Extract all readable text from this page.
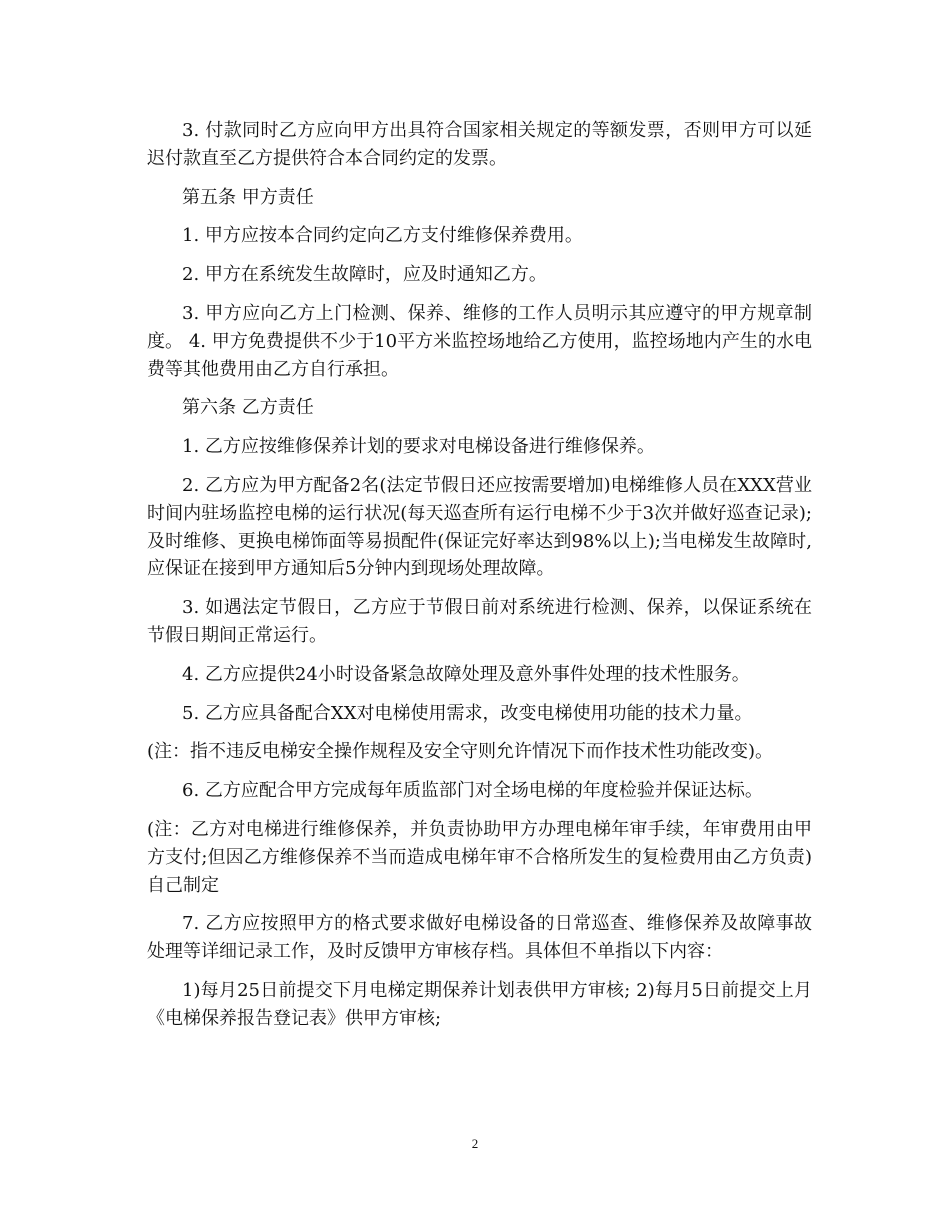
3. 付款同时乙方应向甲方出具符合国家相关规定的等额发票，否则甲方可以延迟付款直至乙方提供符合本合同约定的发票。

第五条 甲方责任

1. 甲方应按本合同约定向乙方支付维修保养费用。

2. 甲方在系统发生故障时，应及时通知乙方。

3. 甲方应向乙方上门检测、保养、维修的工作人员明示其应遵守的甲方规章制度。 4. 甲方免费提供不少于10平方米监控场地给乙方使用，监控场地内产生的水电费等其他费用由乙方自行承担。

第六条 乙方责任

1. 乙方应按维修保养计划的要求对电梯设备进行维修保养。

2. 乙方应为甲方配备2名(法定节假日还应按需要增加)电梯维修人员在XXX营业时间内驻场监控电梯的运行状况(每天巡查所有运行电梯不少于3次并做好巡查记录);及时维修、更换电梯饰面等易损配件(保证完好率达到98%以上);当电梯发生故障时,应保证在接到甲方通知后5分钟内到现场处理故障。

3. 如遇法定节假日，乙方应于节假日前对系统进行检测、保养，以保证系统在节假日期间正常运行。

4. 乙方应提供24小时设备紧急故障处理及意外事件处理的技术性服务。

5. 乙方应具备配合XX对电梯使用需求，改变电梯使用功能的技术力量。

(注：指不违反电梯安全操作规程及安全守则允许情况下而作技术性功能改变)。

6. 乙方应配合甲方完成每年质监部门对全场电梯的年度检验并保证达标。

(注：乙方对电梯进行维修保养，并负责协助甲方办理电梯年审手续，年审费用由甲方支付;但因乙方维修保养不当而造成电梯年审不合格所发生的复检费用由乙方负责)自己制定

7. 乙方应按照甲方的格式要求做好电梯设备的日常巡查、维修保养及故障事故处理等详细记录工作，及时反馈甲方审核存档。具体但不单指以下内容：

1)每月25日前提交下月电梯定期保养计划表供甲方审核; 2)每月5日前提交上月《电梯保养报告登记表》供甲方审核;

2
